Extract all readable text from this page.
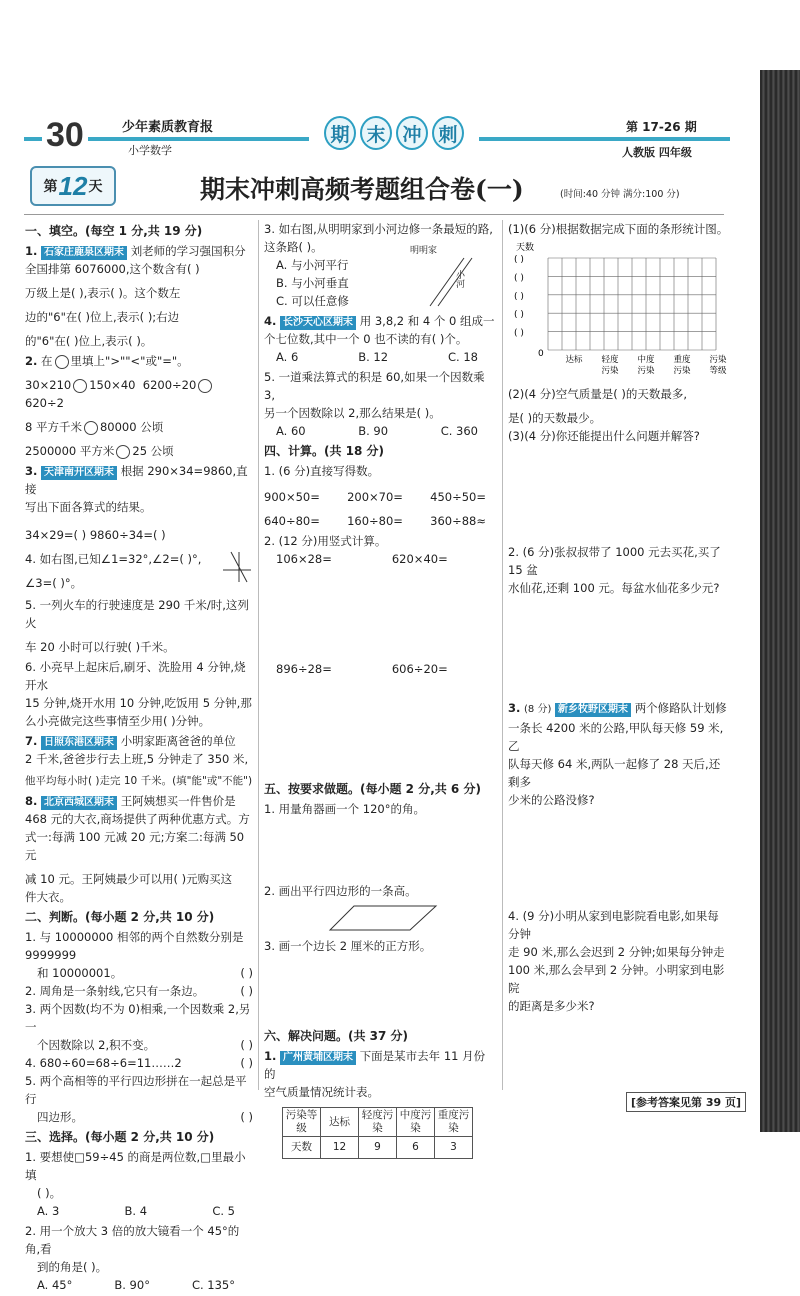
30	少年素质教育报
小学数学
期 末 冲 刺	第 17-26 期
人教版 四年级
第 12 天	期末冲刺高频考题组合卷(一)	(时间:40 分钟 满分:100 分)
一、填空。(每空 1 分,共 19 分)

1. 石家庄鹿泉区期末 刘老师的学习强国积分

全国排第 6076000,这个数含有( )

万级上是( ),表示( )。这个数左

边的"6"在( )位上,表示( );右边

的"6"在( )位上,表示( )。

2. 在 里填上">""<"或"="。

30×210 150×40 6200÷20620÷2

8 平方千米 80000 公顷

2500000 平方米 25 公顷

3. 天津南开区期末 根据 290×34=9860,直接

写出下面各算式的结果。

34×29=( ) 9860÷34=( )

4. 如右图,已知∠1=32°,∠2=( )°,

∠3=( )°。

5. 一列火车的行驶速度是 290 千米/时,这列火

车 20 小时可以行驶( )千米。

6. 小亮早上起床后,刷牙、洗脸用 4 分钟,烧开水

15 分钟,烧开水用 10 分钟,吃饭用 5 分钟,那

么小亮做完这些事情至少用( )分钟。

7. 日照东港区期末 小明家距离爸爸的单位

2 千米,爸爸步行去上班,5 分钟走了 350 米,

他平均每小时( )走完 10 千米。(填"能"或"不能")

8. 北京西城区期末 王阿姨想买一件售价是

468 元的大衣,商场提供了两种优惠方式。方

式一:每满 100 元减 20 元;方案二:每满 50 元

减 10 元。王阿姨最少可以用( )元购买这

件大衣。

二、判断。(每小题 2 分,共 10 分)

1. 与 10000000 相邻的两个自然数分别是 9999999

和 10000001。	( )

2. 周角是一条射线,它只有一条边。	( )

3. 两个因数(均不为 0)相乘,一个因数乘 2,另一

个因数除以 2,积不变。	( )

4. 680÷60=68÷6=11……2	( )

5. 两个高相等的平行四边形拼在一起总是平行

四边形。	( )

三、选择。(每小题 2 分,共 10 分)

1. 要想使□59÷45 的商是两位数,□里最小填

( )。

A. 3	B. 4	C. 5

2. 用一个放大 3 倍的放大镜看一个 45°的角,看

到的角是( )。

A. 45°	B. 90°	C. 135°

3. 如右图,从明明家到小河边修一条最短的路,

这条路( )。

A. 与小河平行

B. 与小河垂直

C. 可以任意修

明明家
小河

4. 长沙天心区期末 用 3,8,2 和 4 个 0 组成一

个七位数,其中一个 0 也不读的有( )个。

A. 6	B. 12	C. 18

5. 一道乘法算式的积是 60,如果一个因数乘 3,

另一个因数除以 2,那么结果是( )。

A. 60	B. 90	C. 360

四、计算。(共 18 分)

1. (6 分)直接写得数。

900×50= 200×70= 450÷50=

640÷80= 160÷80= 360÷88≈

2. (12 分)用竖式计算。

106×28=	620×40=

896÷28=	606÷20=

五、按要求做题。(每小题 2 分,共 6 分)

1. 用量角器画一个 120°的角。

2. 画出平行四边形的一条高。

3. 画一个边长 2 厘米的正方形。

六、解决问题。(共 37 分)

1. 广州黄埔区期末 下面是某市去年 11 月份的

空气质量情况统计表。

污染等级	达标	轻度污染	中度污染	重度污染
天数	12	9	6	3

(1)(6 分)根据数据完成下面的条形统计图。

天数
( )
( )
( )
( )
( )
0
达标 轻度
污染
中度
污染
重度
污染
污染
等级

(2)(4 分)空气质量是( )的天数最多,

是( )的天数最少。

(3)(4 分)你还能提出什么问题并解答?

2. (6 分)张叔叔带了 1000 元去买花,买了 15 盆

水仙花,还剩 100 元。每盆水仙花多少元?

3. (8 分) 新乡牧野区期末 两个修路队计划修

一条长 4200 米的公路,甲队每天修 59 米,乙

队每天修 64 米,两队一起修了 28 天后,还剩多

少米的公路没修?

4. (9 分)小明从家到电影院看电影,如果每分钟

走 90 米,那么会迟到 2 分钟;如果每分钟走

100 米,那么会早到 2 分钟。小明家到电影院

的距离是多少米?

[参考答案见第 39 页]
